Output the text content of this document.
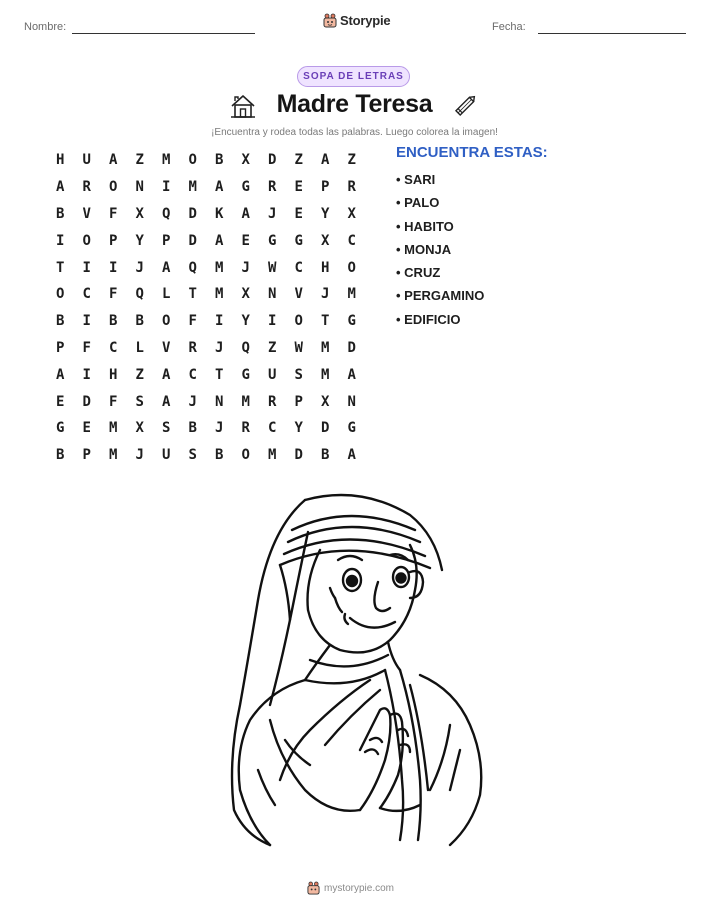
Nombre:	Storypie	Fecha:
SOPA DE LETRAS
Madre Teresa
¡Encuentra y rodea todas las palabras. Luego colorea la imagen!
H	U	A	Z	M	O	B	X	D	Z	A	Z
A	R	O	N	I	M	A	G	R	E	P	R
B	V	F	X	Q	D	K	A	J	E	Y	X
I	O	P	Y	P	D	A	E	G	G	X	C
T	I	I	J	A	Q	M	J	W	C	H	O
O	C	F	Q	L	T	M	X	N	V	J	M
B	I	B	B	O	F	I	Y	I	O	T	G
P	F	C	L	V	R	J	Q	Z	W	M	D
A	I	H	Z	A	C	T	G	U	S	M	A
E	D	F	S	A	J	N	M	R	P	X	N
G	E	M	X	S	B	J	R	C	Y	D	G
B	P	M	J	U	S	B	O	M	D	B	A
ENCUENTRA ESTAS:
• SARI
• PALO
• HABITO
• MONJA
• CRUZ
• PERGAMINO
• EDIFICIO
mystorypie.com
